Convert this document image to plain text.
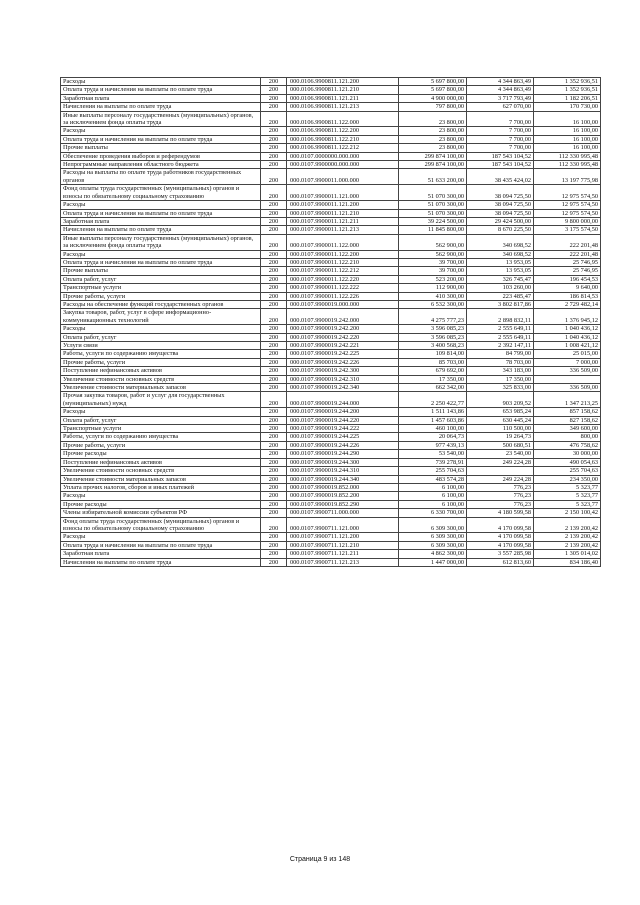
Расходы	200	000.0106.9900811.121.200	5 697 800,00	4 344 863,49	1 352 936,51
Оплата труда и начисления на выплаты по оплате труда	200	000.0106.9900811.121.210	5 697 800,00	4 344 863,49	1 352 936,51
Заработная плата	200	000.0106.9900811.121.211	4 900 000,00	3 717 793,49	1 182 206,51
Начисления на выплаты по оплате труда	200	000.0106.9900811.121.213	797 800,00	627 070,00	170 730,00
Иные выплаты персоналу государственных (муниципальных) органов, за исключением фонда оплаты труда	200	000.0106.9900811.122.000	23 800,00	7 700,00	16 100,00
Расходы	200	000.0106.9900811.122.200	23 800,00	7 700,00	16 100,00
Оплата труда и начисления на выплаты по оплате труда	200	000.0106.9900811.122.210	23 800,00	7 700,00	16 100,00
Прочие выплаты	200	000.0106.9900811.122.212	23 800,00	7 700,00	16 100,00
Обеспечение проведения выборов и референдумов	200	000.0107.0000000.000.000	299 874 100,00	187 543 104,52	112 330 995,48
Непрограммные направления областного бюджета	200	000.0107.9900000.000.000	299 874 100,00	187 543 104,52	112 330 995,48
Расходы на выплаты по оплате труда работников государственных органов	200	000.0107.9900011.000.000	51 633 200,00	38 435 424,02	13 197 775,98
Фонд оплаты труда государственных (муниципальных) органов и взносы по обязательному социальному страхованию	200	000.0107.9900011.121.000	51 070 300,00	38 094 725,50	12 975 574,50
Расходы	200	000.0107.9900011.121.200	51 070 300,00	38 094 725,50	12 975 574,50
Оплата труда и начисления на выплаты по оплате труда	200	000.0107.9900011.121.210	51 070 300,00	38 094 725,50	12 975 574,50
Заработная плата	200	000.0107.9900011.121.211	39 224 500,00	29 424 500,00	9 800 000,00
Начисления на выплаты по оплате труда	200	000.0107.9900011.121.213	11 845 800,00	8 670 225,50	3 175 574,50
Иные выплаты персоналу государственных (муниципальных) органов, за исключением фонда оплаты труда	200	000.0107.9900011.122.000	562 900,00	340 698,52	222 201,48
Расходы	200	000.0107.9900011.122.200	562 900,00	340 698,52	222 201,48
Оплата труда и начисления на выплаты по оплате труда	200	000.0107.9900011.122.210	39 700,00	13 953,05	25 746,95
Прочие выплаты	200	000.0107.9900011.122.212	39 700,00	13 953,05	25 746,95
Оплата работ, услуг	200	000.0107.9900011.122.220	523 200,00	326 745,47	196 454,53
Транспортные услуги	200	000.0107.9900011.122.222	112 900,00	103 260,00	9 640,00
Прочие работы, услуги	200	000.0107.9900011.122.226	410 300,00	223 485,47	186 814,53
Расходы на обеспечение функций государственных органов	200	000.0107.9900019.000.000	6 532 300,00	3 802 817,86	2 729 482,14
Закупка товаров, работ, услуг в сфере информационно-коммуникационных технологий	200	000.0107.9900019.242.000	4 275 777,23	2 898 832,11	1 376 945,12
Расходы	200	000.0107.9900019.242.200	3 596 085,23	2 555 649,11	1 040 436,12
Оплата работ, услуг	200	000.0107.9900019.242.220	3 596 085,23	2 555 649,11	1 040 436,12
Услуги связи	200	000.0107.9900019.242.221	3 400 568,23	2 392 147,11	1 008 421,12
Работы, услуги по содержанию имущества	200	000.0107.9900019.242.225	109 814,00	84 799,00	25 015,00
Прочие работы, услуги	200	000.0107.9900019.242.226	85 703,00	78 703,00	7 000,00
Поступление нефинансовых активов	200	000.0107.9900019.242.300	679 692,00	343 183,00	336 509,00
Увеличение стоимости основных средств	200	000.0107.9900019.242.310	17 350,00	17 350,00	
Увеличение стоимости материальных запасов	200	000.0107.9900019.242.340	662 342,00	325 833,00	336 509,00
Прочая закупка товаров, работ и услуг для государственных (муниципальных) нужд	200	000.0107.9900019.244.000	2 250 422,77	903 209,52	1 347 213,25
Расходы	200	000.0107.9900019.244.200	1 511 143,86	653 985,24	857 158,62
Оплата работ, услуг	200	000.0107.9900019.244.220	1 457 603,86	630 445,24	827 158,62
Транспортные услуги	200	000.0107.9900019.244.222	460 100,00	110 500,00	349 600,00
Работы, услуги по содержанию имущества	200	000.0107.9900019.244.225	20 064,73	19 264,73	800,00
Прочие работы, услуги	200	000.0107.9900019.244.226	977 439,13	500 680,51	476 758,62
Прочие расходы	200	000.0107.9900019.244.290	53 540,00	23 540,00	30 000,00
Поступление нефинансовых активов	200	000.0107.9900019.244.300	739 278,91	249 224,28	490 054,63
Увеличение стоимости основных средств	200	000.0107.9900019.244.310	255 704,63		255 704,63
Увеличение стоимости материальных запасов	200	000.0107.9900019.244.340	483 574,28	249 224,28	234 350,00
Уплата прочих налогов, сборов и иных платежей	200	000.0107.9900019.852.000	6 100,00	776,23	5 323,77
Расходы	200	000.0107.9900019.852.200	6 100,00	776,23	5 323,77
Прочие расходы	200	000.0107.9900019.852.290	6 100,00	776,23	5 323,77
Члены избирательной комиссии субъектов РФ	200	000.0107.9900711.000.000	6 330 700,00	4 180 599,58	2 150 100,42
Фонд оплаты труда государственных (муниципальных) органов и взносы по обязательному социальному страхованию	200	000.0107.9900711.121.000	6 309 300,00	4 170 099,58	2 139 200,42
Расходы	200	000.0107.9900711.121.200	6 309 300,00	4 170 099,58	2 139 200,42
Оплата труда и начисления на выплаты по оплате труда	200	000.0107.9900711.121.210	6 309 300,00	4 170 099,58	2 139 200,42
Заработная плата	200	000.0107.9900711.121.211	4 862 300,00	3 557 285,98	1 305 014,02
Начисления на выплаты по оплате труда	200	000.0107.9900711.121.213	1 447 000,00	612 813,60	834 186,40
Страница 9 из 148
